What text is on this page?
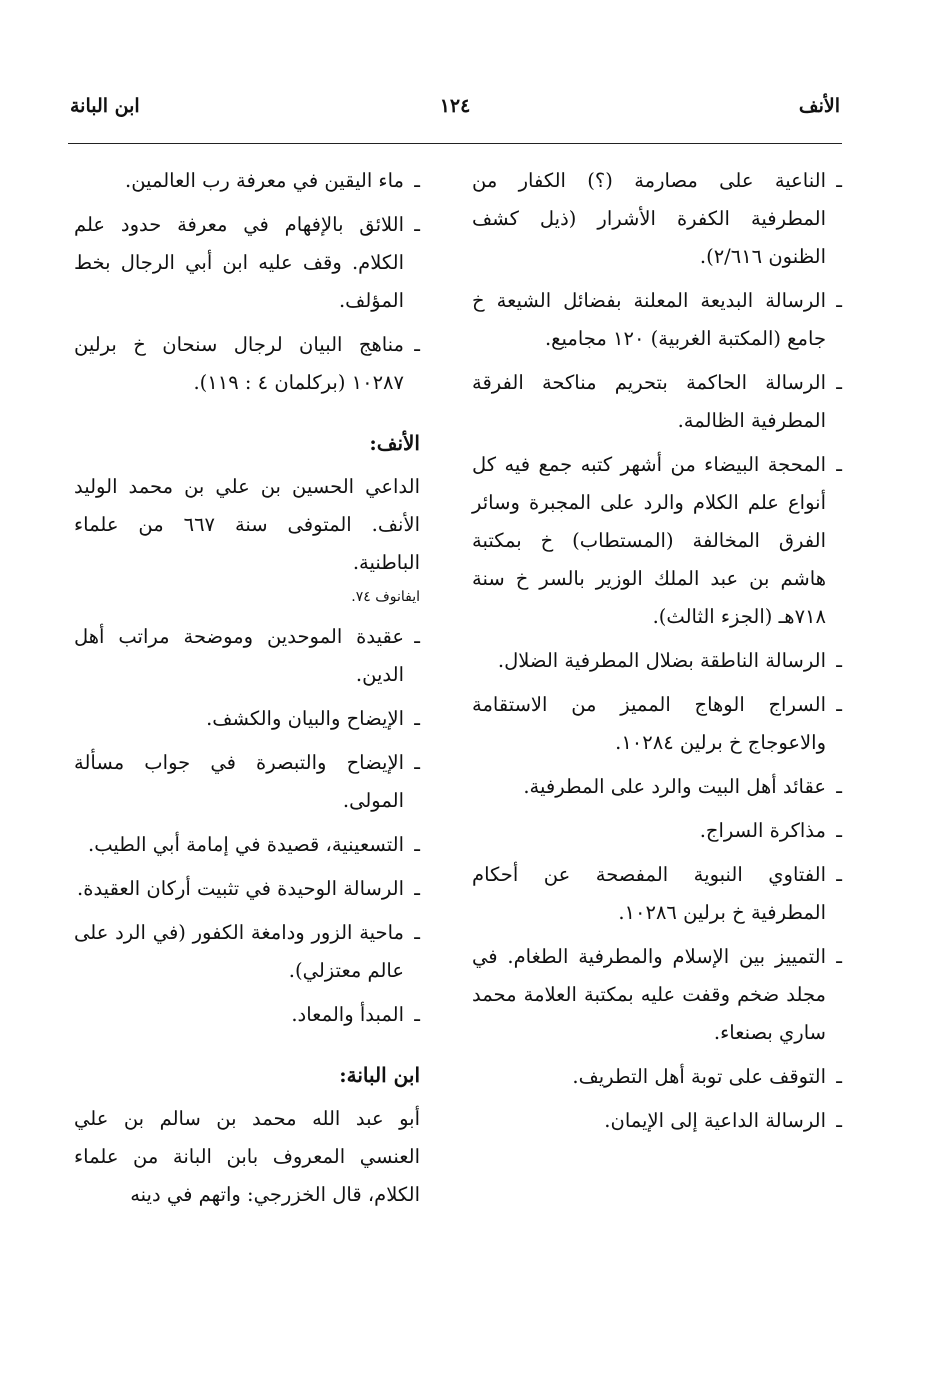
الأنف
١٢٤
ابن البانة
ـ
الناعية على مصارمة (؟) الكفار من المطرفية الكفرة الأشرار (ذيل كشف الظنون ٢/٦١٦).
ـ
الرسالة البديعة المعلنة بفضائل الشيعة خ جامع (المكتبة الغربية) ١٢٠ مجاميع.
ـ
الرسالة الحاكمة بتحريم مناكحة الفرقة المطرفية الظالمة.
ـ
المحجة البيضاء من أشهر كتبه جمع فيه كل أنواع علم الكلام والرد على المجبرة وسائر الفرق المخالفة (المستطاب) خ بمكتبة هاشم بن عبد الملك الوزير بالسر خ سنة ٧١٨هـ (الجزء الثالث).
ـ
الرسالة الناطقة بضلال المطرفية الضلال.
ـ
السراج الوهاج المميز من الاستقامة والاعوجاج خ برلين ١٠٢٨٤.
ـ
عقائد أهل البيت والرد على المطرفية.
ـ
مذاكرة السراج.
ـ
الفتاوي النبوية المفصحة عن أحكام المطرفية خ برلين ١٠٢٨٦.
ـ
التمييز بين الإسلام والمطرفية الطغام. في مجلد ضخم وقفت عليه بمكتبة العلامة محمد ساري بصنعاء.
ـ
التوقف على توبة أهل التطريف.
ـ
الرسالة الداعية إلى الإيمان.
ـ
ماء اليقين في معرفة رب العالمين.
ـ
اللائق بالإفهام في معرفة حدود علم الكلام. وقف عليه ابن أبي الرجال بخط المؤلف.
ـ
مناهج البيان لرجال سنحان خ برلين ١٠٢٨٧ (بركلمان ٤ : ١١٩).
الأنف:

الداعي الحسين بن علي بن محمد الوليد الأنف. المتوفى سنة ٦٦٧ من علماء الباطنية.

ايفانوف ٧٤.
ـ
عقيدة الموحدين وموضحة مراتب أهل الدين.
ـ
الإيضاح والبيان والكشف.
ـ
الإيضاح والتبصرة في جواب مسألة المولى.
ـ
التسعينية، قصيدة في إمامة أبي الطيب.
ـ
الرسالة الوحيدة في تثبيت أركان العقيدة.
ـ
ماحية الزور ودامغة الكفور (في الرد على عالم معتزلي).
ـ
المبدأ والمعاد.
ابن البانة:

أبو عبد الله محمد بن سالم بن علي العنسي المعروف بابن البانة من علماء الكلام، قال الخزرجي: واتهم في دينه
